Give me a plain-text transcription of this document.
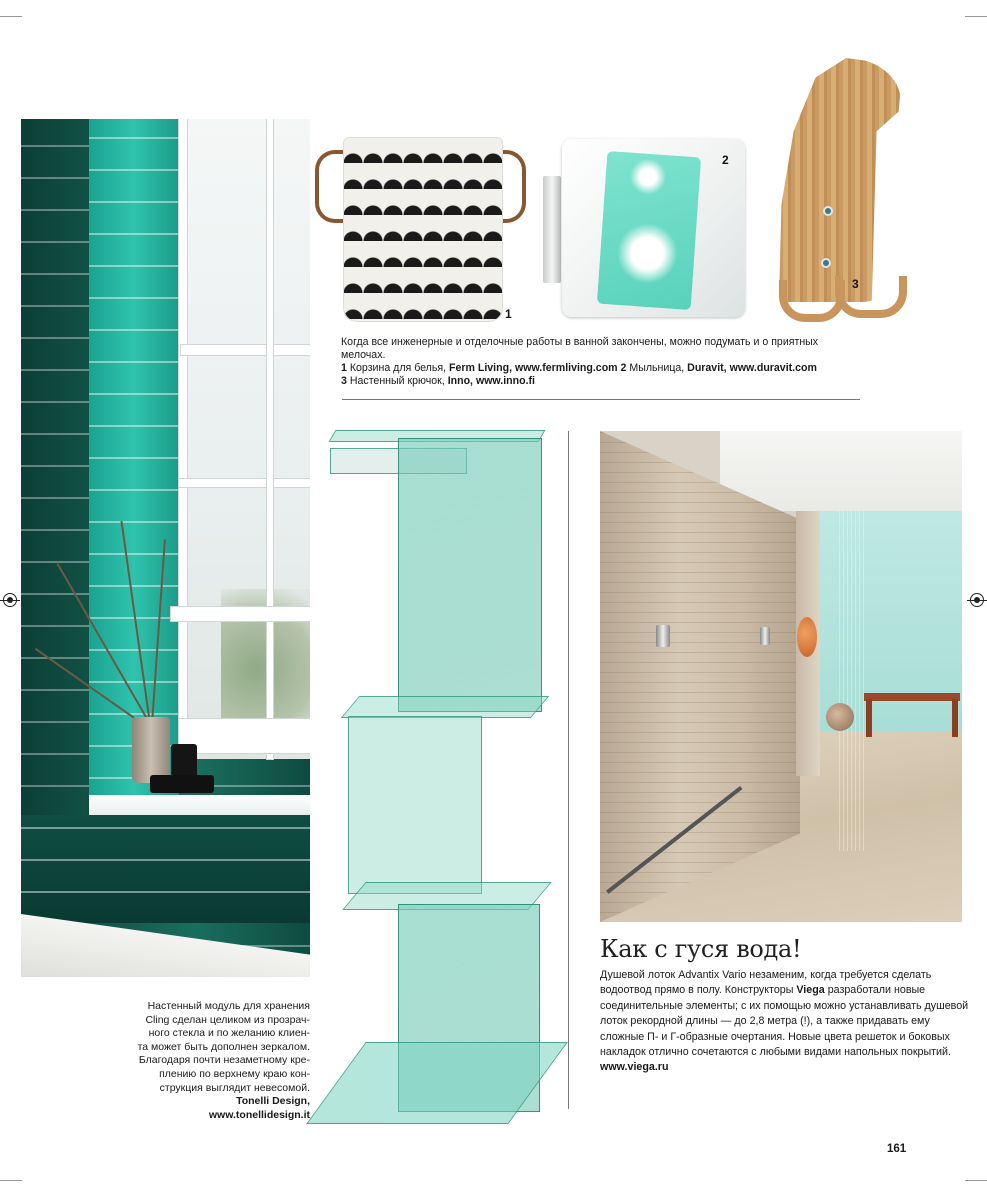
1
2
3
Когда все инженерные и отделочные работы в ванной закончены, можно подумать и о приятных мелочах.
1 Корзина для белья, Ferm Living, www.fermliving.com 2 Мыльница, Duravit, www.duravit.com
3 Настенный крючок, Inno, www.inno.fi
Как с гуся вода!
Душевой лоток Advantix Vario незаменим, когда требуется сделать водоотвод прямо в полу. Конструкторы Viega разработали новые соединительные элементы; с их помощью можно устанавливать душевой лоток рекордной длины — до 2,8 метра (!), а также придавать ему сложные П- и Г-образные очертания. Новые цвета решеток и боковых накладок отлично сочетаются с любыми видами напольных покрытий. www.viega.ru
Настенный модуль для хранения
Cling сделан целиком из прозрач-
ного стекла и по желанию клиен-
та может быть дополнен зеркалом.
Благодаря почти незаметному кре-
плению по верхнему краю кон-
струкция выглядит невесомой.
Tonelli Design,
www.tonellidesign.it
161
